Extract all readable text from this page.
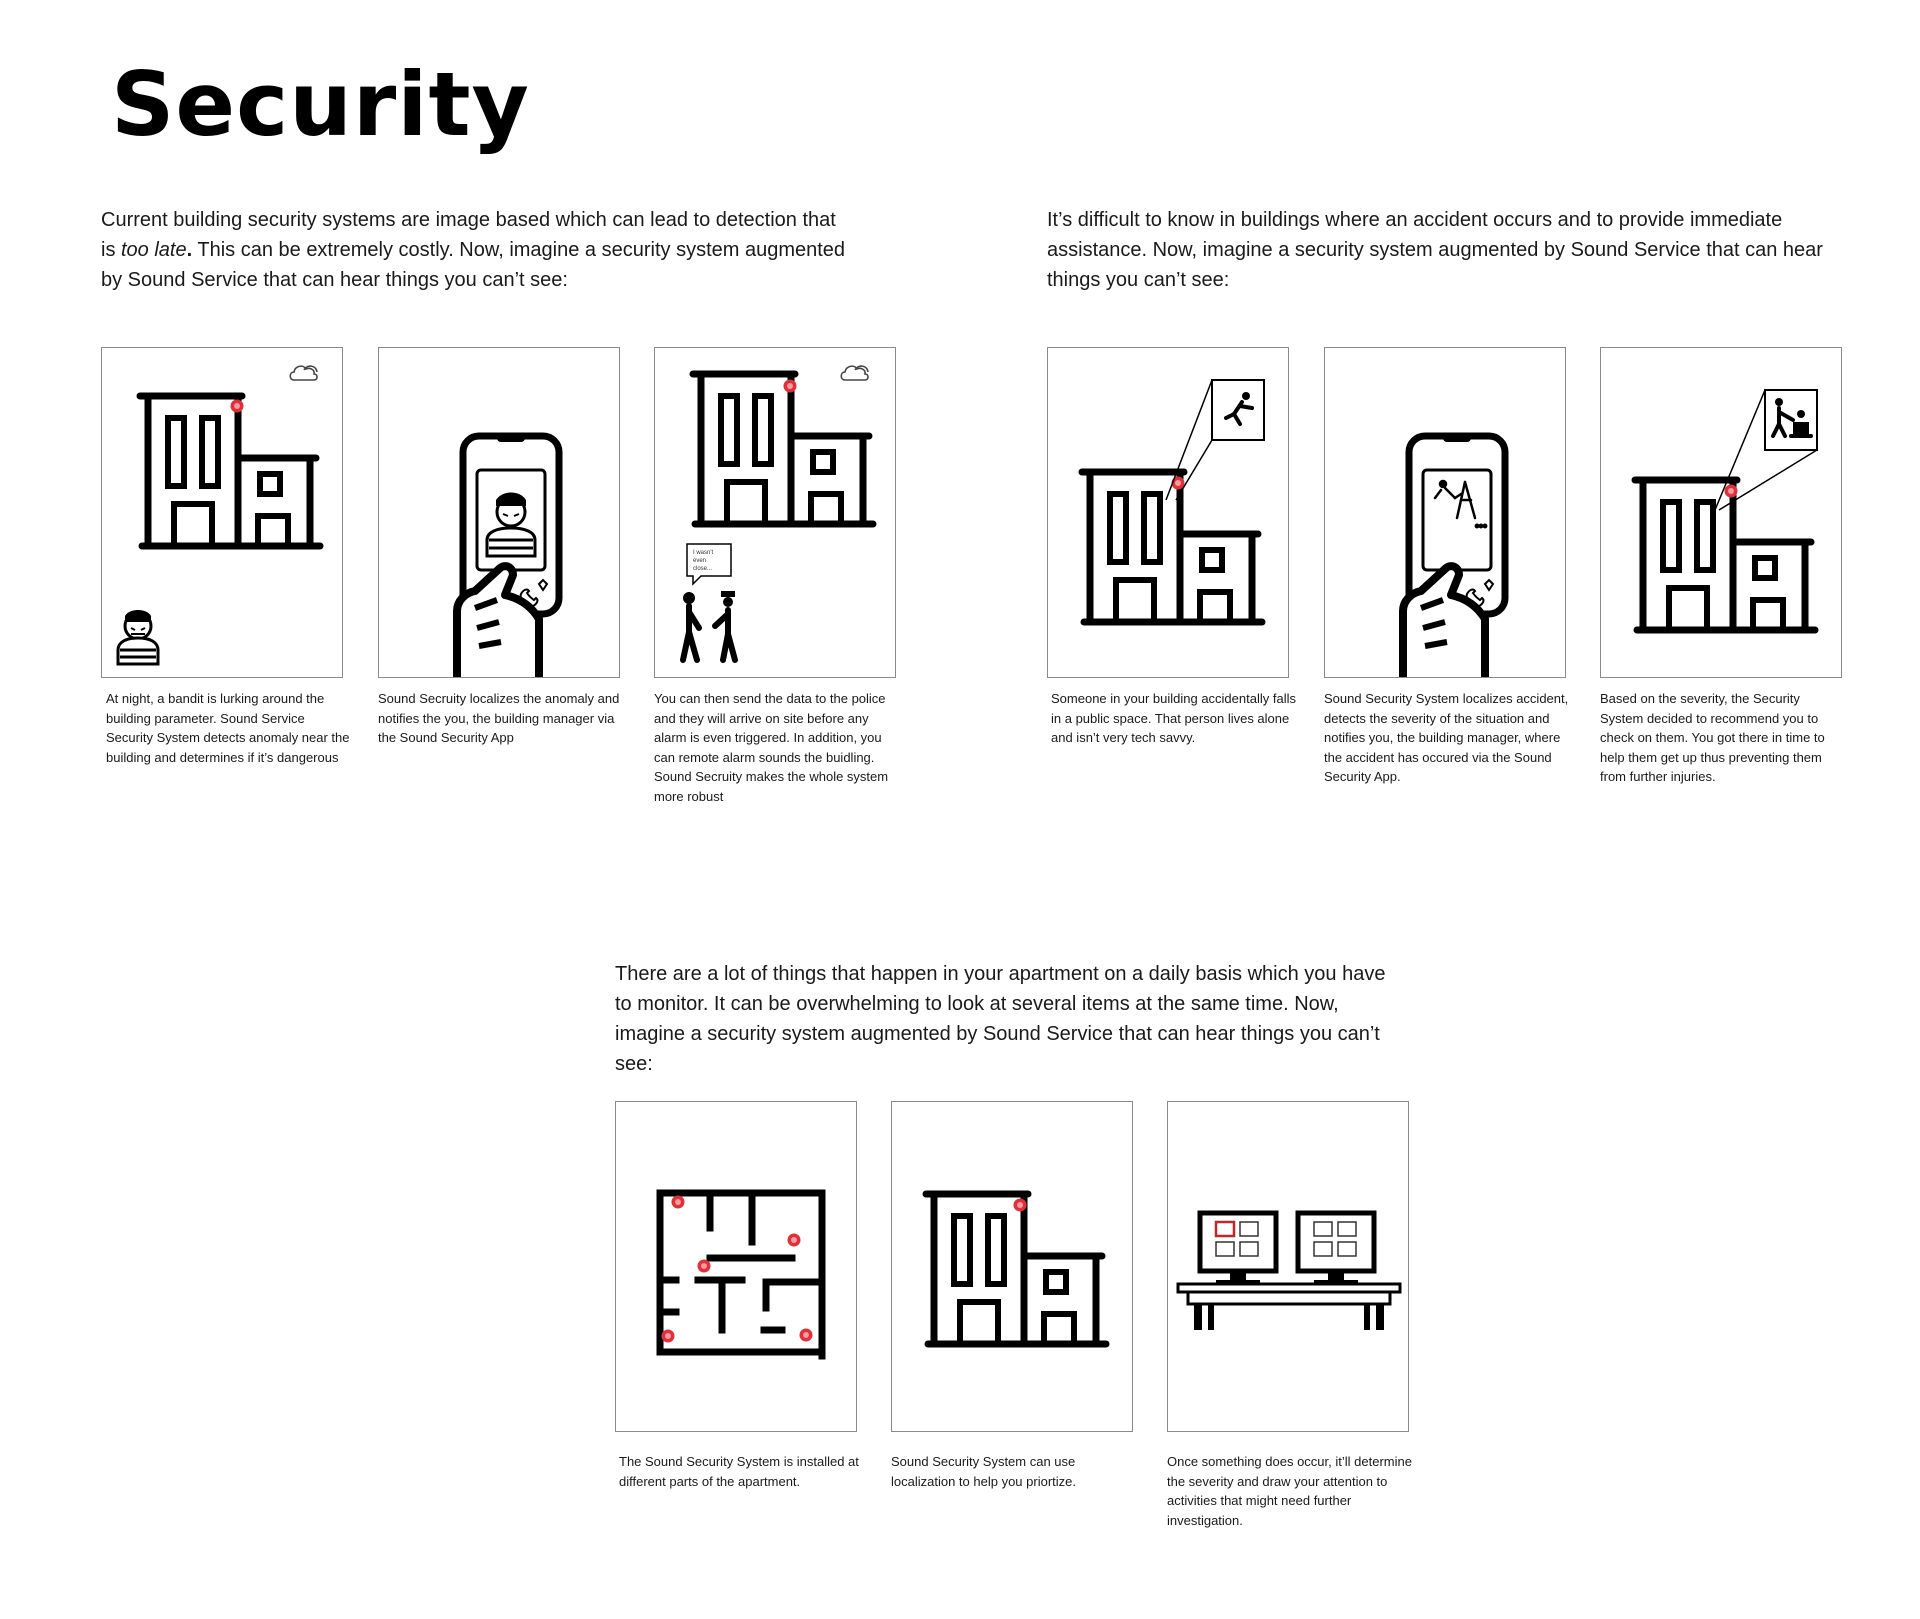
Security
Current building security systems are image based which can lead to detection that
is too late. This can be extremely costly. Now, imagine a security system augmented
by Sound Service that can hear things you can’t see:
It’s difficult to know in buildings where an accident occurs and to provide immediate assistance. Now, imagine a security system augmented by Sound Service that can hear things you can’t see:
At night, a bandit is lurking around the building parameter. Sound Service Security System detects anomaly near the building and determines if it’s dangerous
Sound Secruity localizes the anomaly and notifies the you, the building manager via the Sound Security App
I wasn't
even
close...
You can then send the data to the police and they will arrive on site before any alarm is even triggered. In addition, you can remote alarm sounds the buidling. Sound Secruity makes the whole system more robust
Someone in your building accidentally falls in a public space. That person lives alone and isn’t very tech savvy.
Sound Security System localizes accident, detects the severity of the situation and notifies you, the building manager, where the accident has occured via the Sound Security App.
Based on the severity, the Security System decided to recommend you to check on them. You got there in time to help them get up thus preventing them from further injuries.
There are a lot of things that happen in your apartment on a daily basis which you have to monitor. It can be overwhelming to look at several items at the same time. Now, imagine a security system augmented by Sound Service that can hear things you can’t see:
The Sound Security System is installed at different parts of the apartment.
Sound Security System can use localization to help you priortize.
Once something does occur, it’ll determine the severity and draw your attention to activities that might need further investigation.
